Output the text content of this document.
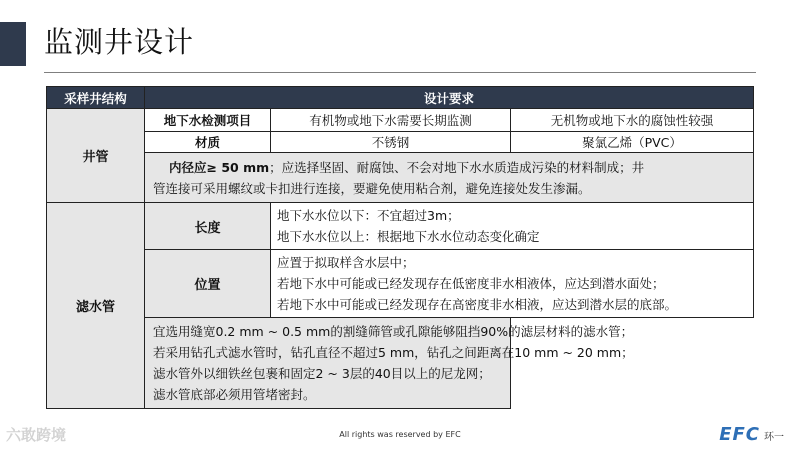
监测井设计
采样井结构	设计要求		
井管	地下水检测项目	有机物或地下水需要长期监测	无机物或地下水的腐蚀性较强
	材质	不锈钢	聚氯乙烯（PVC）

	内径应≥ 50 mm；应选择坚固、耐腐蚀、不会对地下水水质造成污染的材料制成；井
管连接可采用螺纹或卡扣进行连接，要避免使用粘合剂，避免连接处发生渗漏。		

滤水管	长度	地下水水位以下：不宜超过3m；
地下水水位以上：根据地下水水位动态变化确定	

	位置	应置于拟取样含水层中；
若地下水中可能或已经发现存在低密度非水相液体，应达到潜水面处；
若地下水中可能或已经发现存在高密度非水相液，应达到潜水层的底部。	

	宜选用缝宽0.2 mm ~ 0.5 mm的割缝筛管或孔隙能够阻挡90%的滤层材料的滤水管；
若采用钻孔式滤水管时，钻孔直径不超过5 mm，钻孔之间距离在10 mm ~ 20 mm；
滤水管外以细铁丝包裹和固定2 ~ 3层的40目以上的尼龙网；
滤水管底部必须用管堵密封。		
六敢跨境	All rights was reserved by EFC	EFC 环一
